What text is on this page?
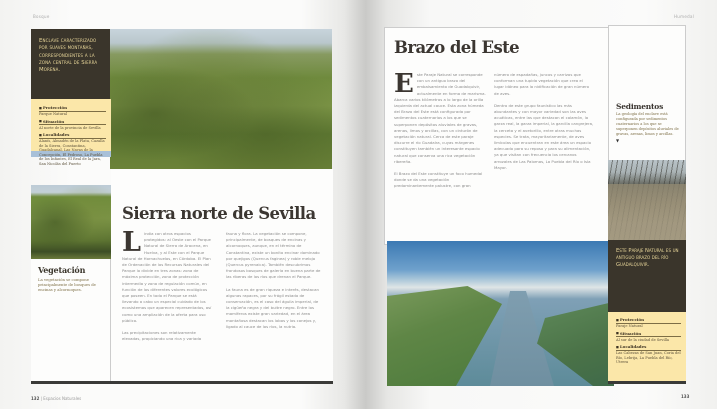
Bosque

Enclave caracterizado por suaves montañas, correspondientes a la zona central de Sierra Morena.

■ Protección
Parque Natural
■ Situación
Al norte de la provincia de Sevilla
■ Localidades
Alanís, Almadén de la Plata, Cazalla de la Sierra, Constantina, Guadalcanal, Las Navas de la Concepción, El Pedroso, La Puebla de los Infantes, El Real de la Jara, San Nicolás del Puerto
Vegetación
La vegetación se compone principalmente de bosques de encinas y alcornoques.
Sierra norte de Sevilla

Lindia con otros espacios protegidos: al Oeste con el Parque Natural de Sierra de Aracena, en Huelva, y al Este con el Parque Natural de Hornachuelos, en Córdoba. El Plan de Ordenación de los Recursos Naturales del Parque lo divide en tres zonas: zona de máxima protección, zona de protección intermedia y zona de regulación común, en función de los diferentes valores ecológicos que poseen. En todo el Parque se está llevando a cabo un especial cuidado de los ecosistemas que aparecen representados, así como una ampliación de la oferta para uso público.

Las precipitaciones son relativamente elevadas, propiciando una rica y variada

fauna y flora. La vegetación se compone, principalmente, de bosques de encinas y alcornoques, aunque, en el término de Constantina, existe un bonito encinar dominado por quejigos (Quercus faginea) y roble melojo (Quercus pyrenaica). También descubrimos frondosos bosques de galería en buena parte de las riberas de los ríos que drenan el Parque.

La fauna es de gran riqueza e interés, destacan algunas rapaces, por su frágil estado de conservación, es el caso del águila imperial, de la cigüeña negra y del buitre negro. Entre los mamíferos existe gran variedad, en el área montañosa destacan los lobos y los conejos y, ligado al cauce de los ríos, la nutria.

132 | Espacios Naturales
Humedal
Brazo del Este

Este Paraje Natural se corresponde con un antiguo brazo del embalsamiento de Guadalquivir, actualmente en forma de marisma. Abarca varios kilómetros a lo largo de la orilla izquierda del actual cauce. Esta zona húmeda del Brazo del Este está configurada por sedimentos cuaternarios a los que se superponen depósitos aluviales de gravas, arenas, limos y arcillas, con un cinturón de vegetación natural. Cerca de este paraje discurre el río Guadaíra, cuyas márgenes constituyen también un interesante espacio natural que conserva una rica vegetación ribereña.

El Brazo del Este constituye un foco humedal donde se da una vegetación predominantemente palustre, con gran

número de espadañas, juncos y carrizos que conforman una tupida vegetación que crea el lugar idóneo para la nidificación de gran número de aves.

Dentro de este grupo faunístico las más abundantes y con mayor variedad son las aves acuáticas, entre las que destacan el calamón, la garza real, la garza imperial, la garcilla cangrejera, la cerceta y el avetorillo, entre otras muchas especies. Se trata, mayoritariamente, de aves limícolas que encuentran en este área un espacio adecuado para su reposo y para su alimentación, ya que visitan con frecuencia los cercanos arrozales de Las Palomas, La Puebla del Río o Isla Mayor.

Sedimentos
La geología del enclave está configurada por sedimentos cuaternarios a los que se superponen depósitos aluviales de gravas, arenas, limos y arcillas.
▼

Este Paraje Natural es un antiguo brazo del río Guadalquivir.

■ Protección
Paraje Natural
■ Situación
Al sur de la ciudad de Sevilla
■ Localidades
Las Cabezas de San Juan, Coria del Río, Lebrija, La Puebla del Río, Utrera
133
